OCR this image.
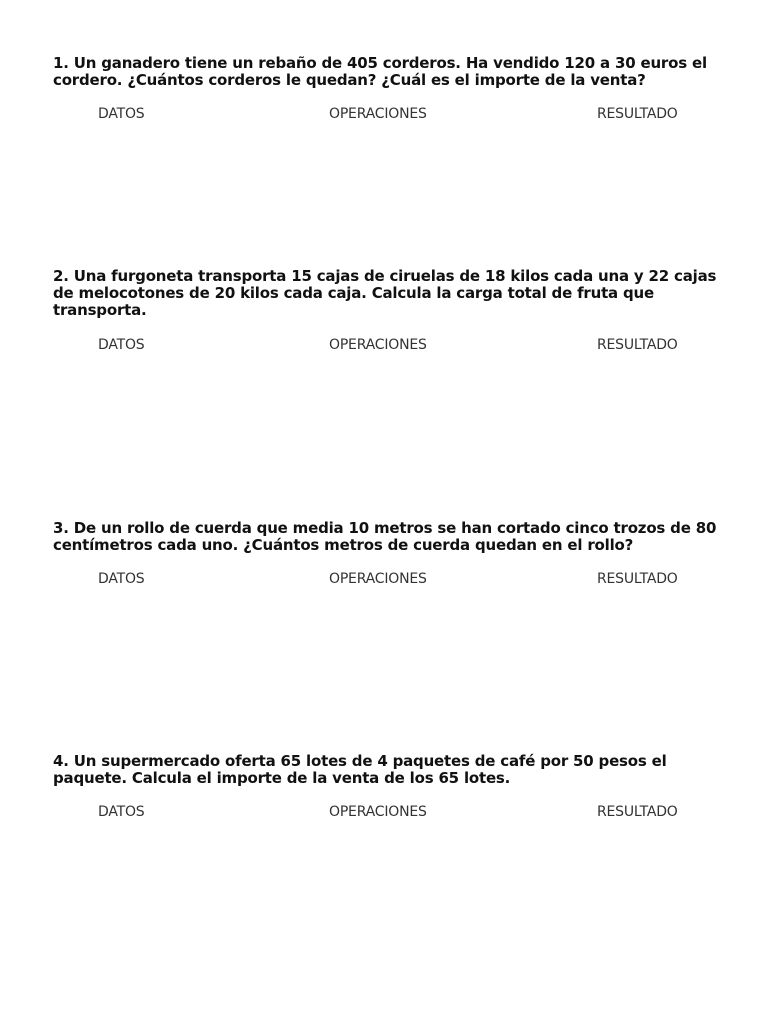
1. Un ganadero tiene un rebaño de 405 corderos. Ha vendido 120 a 30 euros el
cordero. ¿Cuántos corderos le quedan? ¿Cuál es el importe de la venta?

DATOS	OPERACIONES	RESULTADO

2. Una furgoneta transporta 15 cajas de ciruelas de 18 kilos cada una y 22 cajas
de melocotones de 20 kilos cada caja. Calcula la carga total de fruta que
transporta.

DATOS	OPERACIONES	RESULTADO

3. De un rollo de cuerda que media 10 metros se han cortado cinco trozos de 80
centímetros cada uno. ¿Cuántos metros de cuerda quedan en el rollo?

DATOS	OPERACIONES	RESULTADO

4. Un supermercado oferta 65 lotes de 4 paquetes de café por 50 pesos el
paquete. Calcula el importe de la venta de los 65 lotes.

DATOS	OPERACIONES	RESULTADO
